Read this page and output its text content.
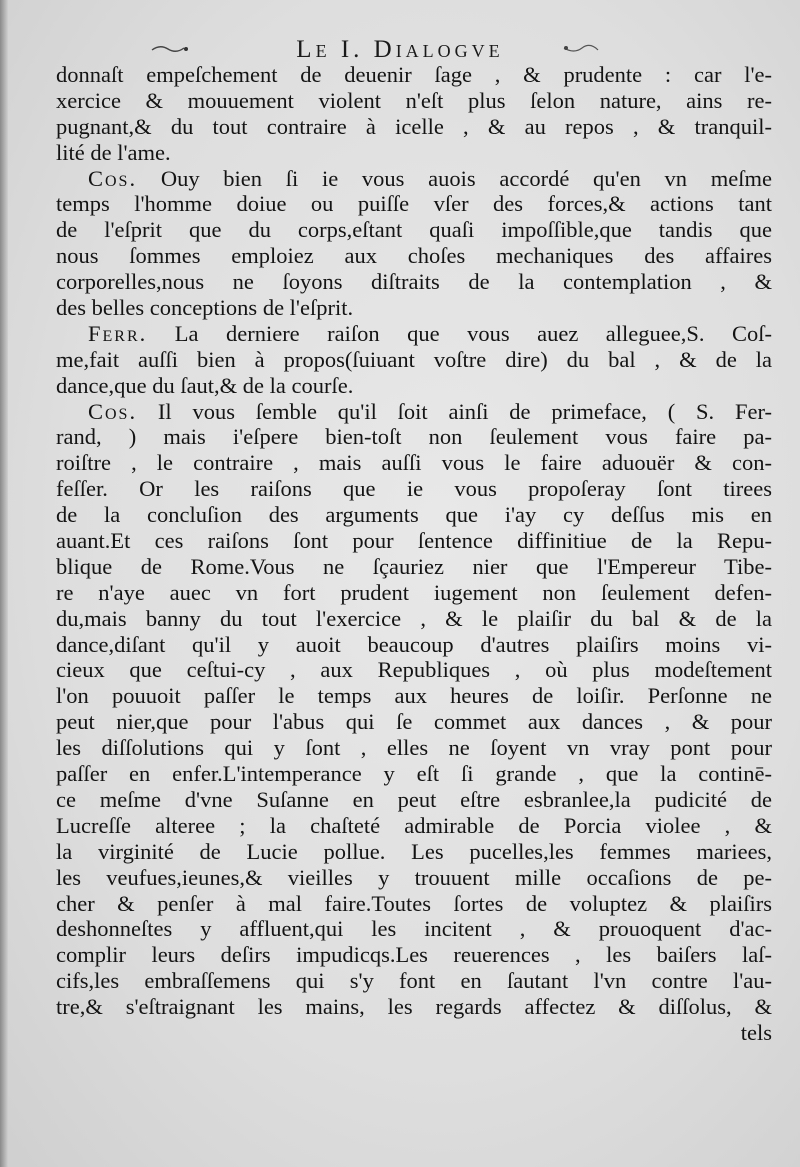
Le I. Dialogve
donnaſt empeſchement de deuenir ſage , & prudente : car l'e-
xercice & mouuement violent n'eſt plus ſelon nature, ains re-
pugnant,& du tout contraire à icelle , & au repos , & tranquil-
lité de l'ame.
Cos. Ouy bien ſi ie vous auois accordé qu'en vn meſme
temps l'homme doiue ou puiſſe vſer des forces,& actions tant
de l'eſprit que du corps,eſtant quaſi impoſſible,que tandis que
nous ſommes emploiez aux choſes mechaniques des affaires
corporelles,nous ne ſoyons diſtraits de la contemplation , &
des belles conceptions de l'eſprit.
Ferr. La derniere raiſon que vous auez alleguee,S. Coſ-
me,fait auſſi bien à propos(ſuiuant voſtre dire) du bal , & de la
dance,que du ſaut,& de la courſe.
Cos. Il vous ſemble qu'il ſoit ainſi de primeface, ( S. Fer-
rand, ) mais i'eſpere bien-toſt non ſeulement vous faire pa-
roiſtre , le contraire , mais auſſi vous le faire aduouër & con-
feſſer. Or les raiſons que ie vous propoſeray ſont tirees
de la concluſion des arguments que i'ay cy deſſus mis en
auant.Et ces raiſons ſont pour ſentence diffinitiue de la Repu-
blique de Rome.Vous ne ſçauriez nier que l'Empereur Tibe-
re n'aye auec vn fort prudent iugement non ſeulement defen-
du,mais banny du tout l'exercice , & le plaiſir du bal & de la
dance,diſant qu'il y auoit beaucoup d'autres plaiſirs moins vi-
cieux que ceſtui-cy , aux Republiques , où plus modeſtement
l'on pouuoit paſſer le temps aux heures de loiſir. Perſonne ne
peut nier,que pour l'abus qui ſe commet aux dances , & pour
les diſſolutions qui y ſont , elles ne ſoyent vn vray pont pour
paſſer en enfer.L'intemperance y eſt ſi grande , que la continē-
ce meſme d'vne Suſanne en peut eſtre esbranlee,la pudicité de
Lucreſſe alteree ; la chaſteté admirable de Porcia violee , &
la virginité de Lucie pollue. Les pucelles,les femmes mariees,
les veufues,ieunes,& vieilles y trouuent mille occaſions de pe-
cher & penſer à mal faire.Toutes ſortes de voluptez & plaiſirs
deshonneſtes y affluent,qui les incitent , & prouoquent d'ac-
complir leurs deſirs impudicqs.Les reuerences , les baiſers laſ-
cifs,les embraſſemens qui s'y font en ſautant l'vn contre l'au-
tre,& s'eſtraignant les mains, les regards affectez & diſſolus, &
tels
